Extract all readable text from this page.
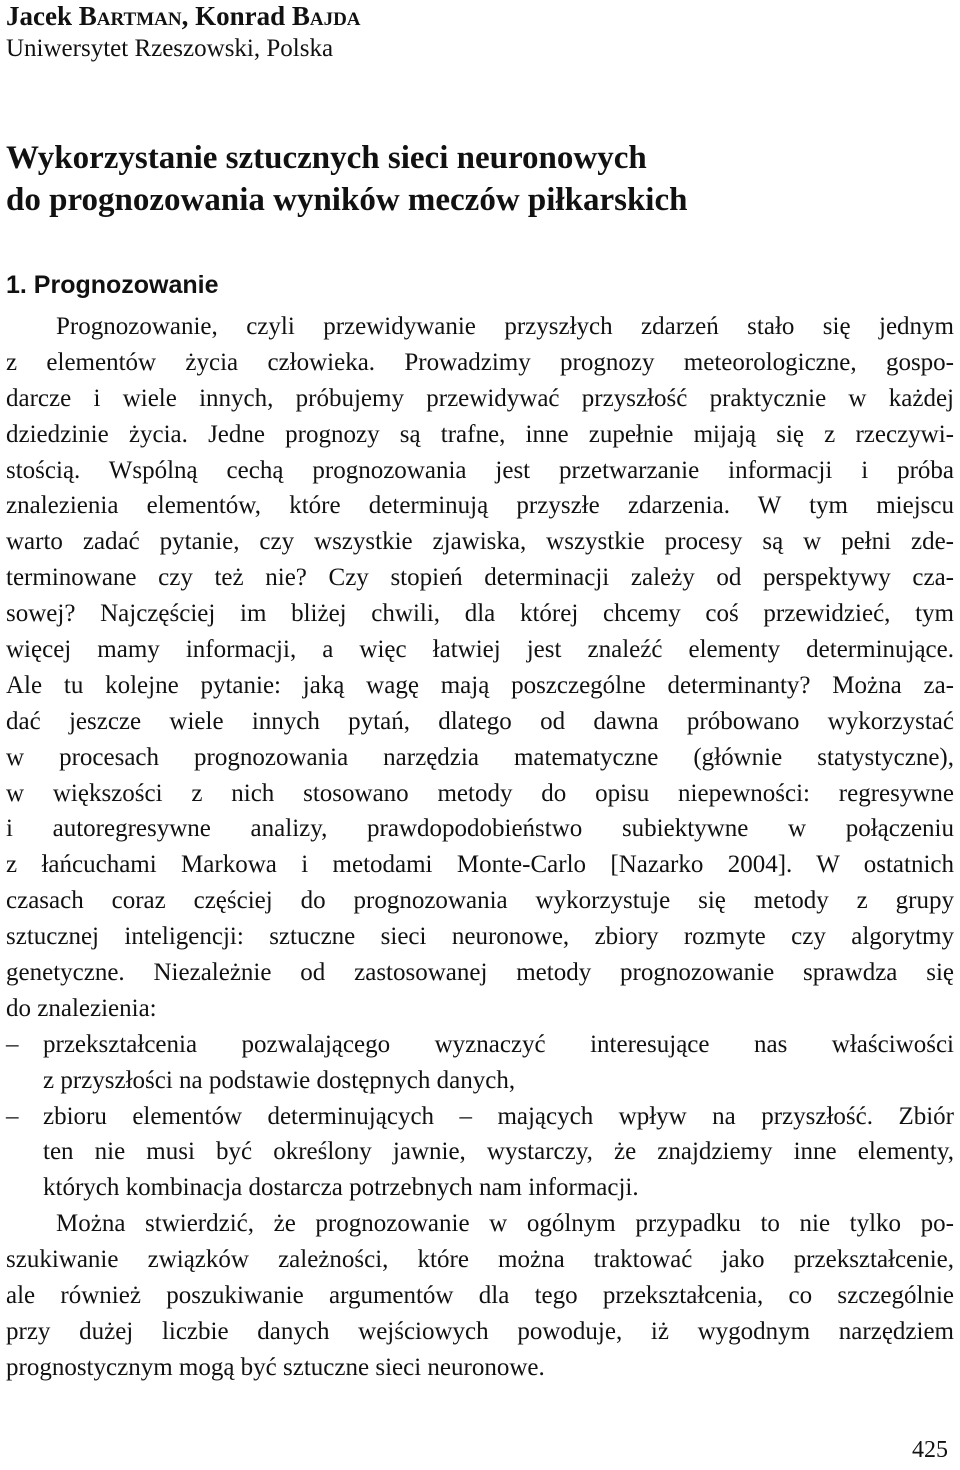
Jacek Bartman, Konrad Bajda
Uniwersytet Rzeszowski, Polska
Wykorzystanie sztucznych sieci neuronowych
do prognozowania wyników meczów piłkarskich
1. Prognozowanie
Prognozowanie, czyli przewidywanie przyszłych zdarzeń stało się jednym
z elementów życia człowieka. Prowadzimy prognozy meteorologiczne, gospo-
darcze i wiele innych, próbujemy przewidywać przyszłość praktycznie w każdej
dziedzinie życia. Jedne prognozy są trafne, inne zupełnie mijają się z rzeczywi-
stością. Wspólną cechą prognozowania jest przetwarzanie informacji i próba
znalezienia elementów, które determinują przyszłe zdarzenia. W tym miejscu
warto zadać pytanie, czy wszystkie zjawiska, wszystkie procesy są w pełni zde-
terminowane czy też nie? Czy stopień determinacji zależy od perspektywy cza-
sowej? Najczęściej im bliżej chwili, dla której chcemy coś przewidzieć, tym
więcej mamy informacji, a więc łatwiej jest znaleźć elementy determinujące.
Ale tu kolejne pytanie: jaką wagę mają poszczególne determinanty? Można za-
dać jeszcze wiele innych pytań, dlatego od dawna próbowano wykorzystać
w procesach prognozowania narzędzia matematyczne (głównie statystyczne),
w większości z nich stosowano metody do opisu niepewności: regresywne
i autoregresywne analizy, prawdopodobieństwo subiektywne w połączeniu
z łańcuchami Markowa i metodami Monte-Carlo [Nazarko 2004]. W ostatnich
czasach coraz częściej do prognozowania wykorzystuje się metody z grupy
sztucznej inteligencji: sztuczne sieci neuronowe, zbiory rozmyte czy algorytmy
genetyczne. Niezależnie od zastosowanej metody prognozowanie sprawdza się
do znalezienia:
– przekształcenia pozwalającego wyznaczyć interesujące nas właściwości
z przyszłości na podstawie dostępnych danych,
– zbioru elementów determinujących – mających wpływ na przyszłość. Zbiór
ten nie musi być określony jawnie, wystarczy, że znajdziemy inne elementy,
których kombinacja dostarcza potrzebnych nam informacji.
Można stwierdzić, że prognozowanie w ogólnym przypadku to nie tylko po-
szukiwanie związków zależności, które można traktować jako przekształcenie,
ale również poszukiwanie argumentów dla tego przekształcenia, co szczególnie
przy dużej liczbie danych wejściowych powoduje, iż wygodnym narzędziem
prognostycznym mogą być sztuczne sieci neuronowe.
425
